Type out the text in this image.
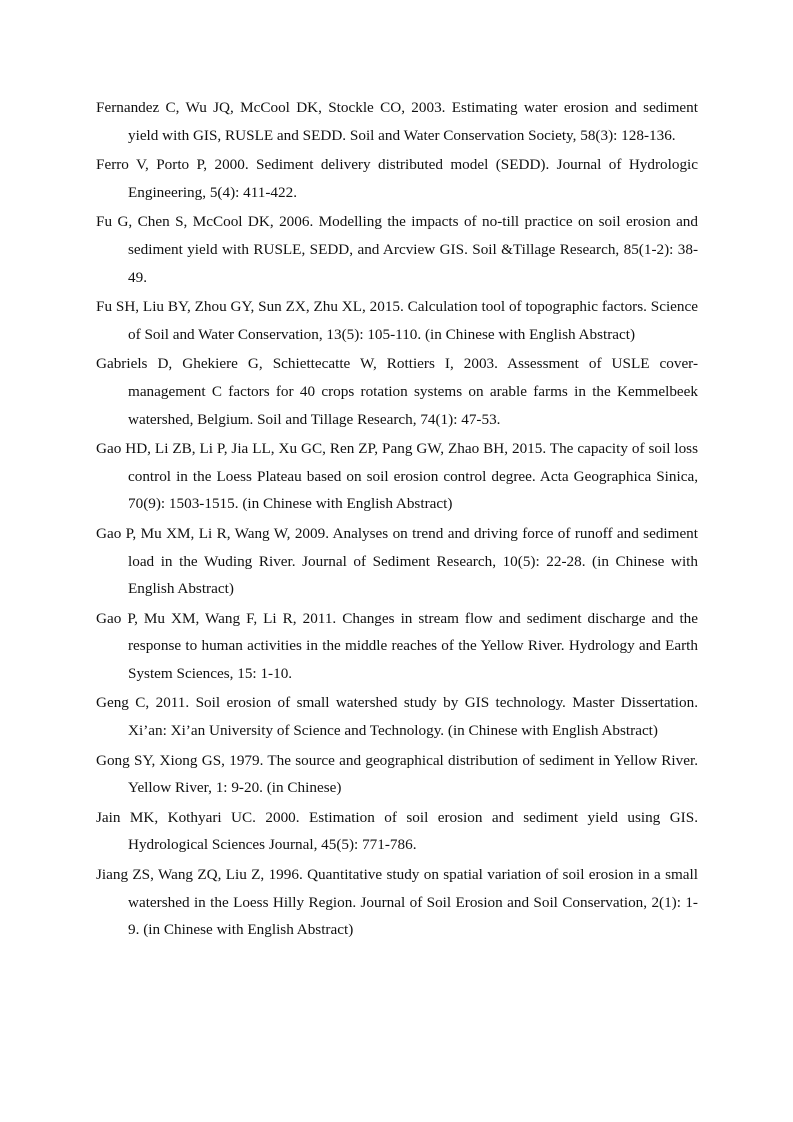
Fernandez C, Wu JQ, McCool DK, Stockle CO, 2003. Estimating water erosion and sediment yield with GIS, RUSLE and SEDD. Soil and Water Conservation Society, 58(3): 128-136.
Ferro V, Porto P, 2000. Sediment delivery distributed model (SEDD). Journal of Hydrologic Engineering, 5(4): 411-422.
Fu G, Chen S, McCool DK, 2006. Modelling the impacts of no-till practice on soil erosion and sediment yield with RUSLE, SEDD, and Arcview GIS. Soil &Tillage Research, 85(1-2): 38-49.
Fu SH, Liu BY, Zhou GY, Sun ZX, Zhu XL, 2015. Calculation tool of topographic factors. Science of Soil and Water Conservation, 13(5): 105-110. (in Chinese with English Abstract)
Gabriels D, Ghekiere G, Schiettecatte W, Rottiers I, 2003. Assessment of USLE cover-management C factors for 40 crops rotation systems on arable farms in the Kemmelbeek watershed, Belgium. Soil and Tillage Research, 74(1): 47-53.
Gao HD, Li ZB, Li P, Jia LL, Xu GC, Ren ZP, Pang GW, Zhao BH, 2015. The capacity of soil loss control in the Loess Plateau based on soil erosion control degree. Acta Geographica Sinica, 70(9): 1503-1515. (in Chinese with English Abstract)
Gao P, Mu XM, Li R, Wang W, 2009. Analyses on trend and driving force of runoff and sediment load in the Wuding River. Journal of Sediment Research, 10(5): 22-28. (in Chinese with English Abstract)
Gao P, Mu XM, Wang F, Li R, 2011. Changes in stream flow and sediment discharge and the response to human activities in the middle reaches of the Yellow River. Hydrology and Earth System Sciences, 15: 1-10.
Geng C, 2011. Soil erosion of small watershed study by GIS technology. Master Dissertation. Xi’an: Xi’an University of Science and Technology. (in Chinese with English Abstract)
Gong SY, Xiong GS, 1979. The source and geographical distribution of sediment in Yellow River. Yellow River, 1: 9-20. (in Chinese)
Jain MK, Kothyari UC. 2000. Estimation of soil erosion and sediment yield using GIS. Hydrological Sciences Journal, 45(5): 771-786.
Jiang ZS, Wang ZQ, Liu Z, 1996. Quantitative study on spatial variation of soil erosion in a small watershed in the Loess Hilly Region. Journal of Soil Erosion and Soil Conservation, 2(1): 1-9. (in Chinese with English Abstract)
